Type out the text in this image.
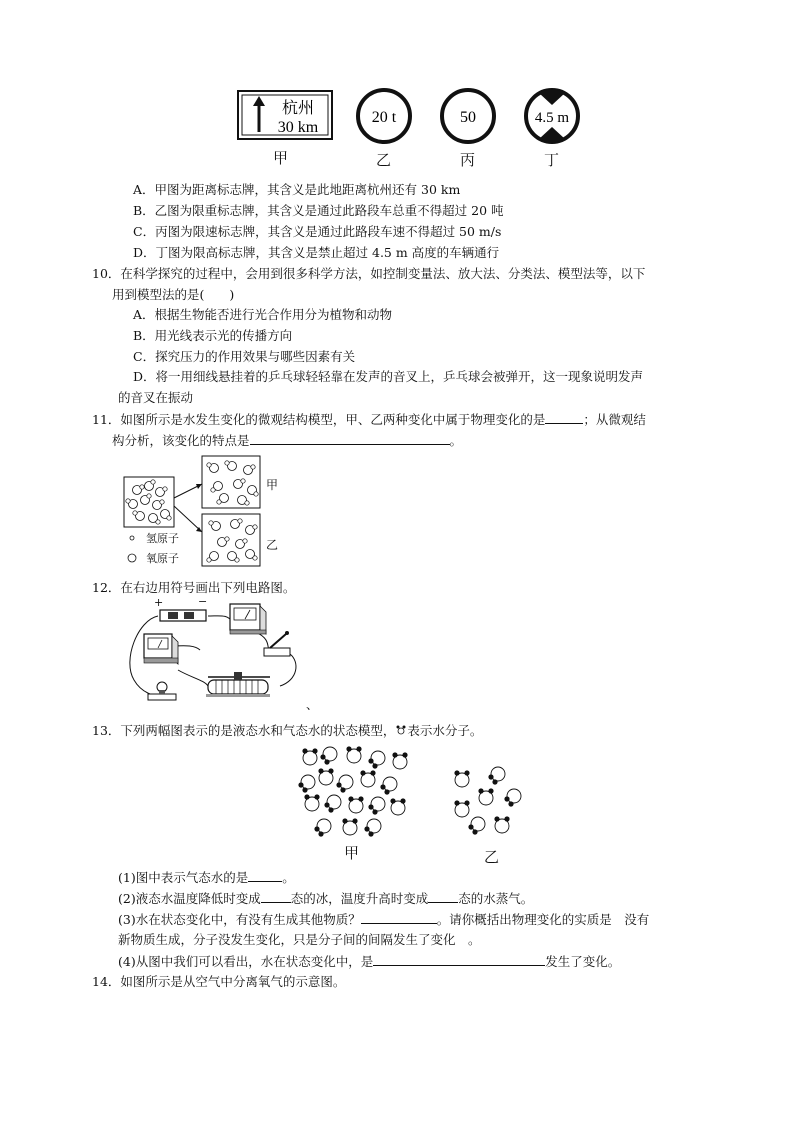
杭州
30 km
20 t	50	4.5 m
甲	乙	丙	丁
A．甲图为距离标志牌，其含义是此地距离杭州还有 30 km
B．乙图为限重标志牌，其含义是通过此路段车总重不得超过 20 吨
C．丙图为限速标志牌，其含义是通过此路段车速不得超过 50 m/s
D．丁图为限高标志牌，其含义是禁止超过 4.5 m 高度的车辆通行
10．在科学探究的过程中，会用到很多科学方法，如控制变量法、放大法、分类法、模型法等，以下
用到模型法的是(　　)
A．根据生物能否进行光合作用分为植物和动物
B．用光线表示光的传播方向
C．探究压力的作用效果与哪些因素有关
D．将一用细线悬挂着的乒乓球轻轻靠在发声的音叉上，乒乓球会被弹开，这一现象说明发声
的音叉在振动
11．如图所示是水发生变化的微观结构模型，甲、乙两种变化中属于物理变化的是	；从微观结
构分析，该变化的特点是	。
甲
乙
氢原子
氧原子
12．在右边用符号画出下列电路图。
+	−
、
13．下列两幅图表示的是液态水和气态水的状态模型， 表示水分子。
甲	乙
(1)图中表示气态水的是	。
(2)液态水温度降低时变成 态的冰，温度升高时变成 态的水蒸气。
(3)水在状态变化中，有没有生成其他物质？	。请你概括出物理变化的实质是　没有
新物质生成，分子没发生变化，只是分子间的间隔发生了变化　。
(4)从图中我们可以看出，水在状态变化中，是	发生了变化。
14．如图所示是从空气中分离氧气的示意图。
